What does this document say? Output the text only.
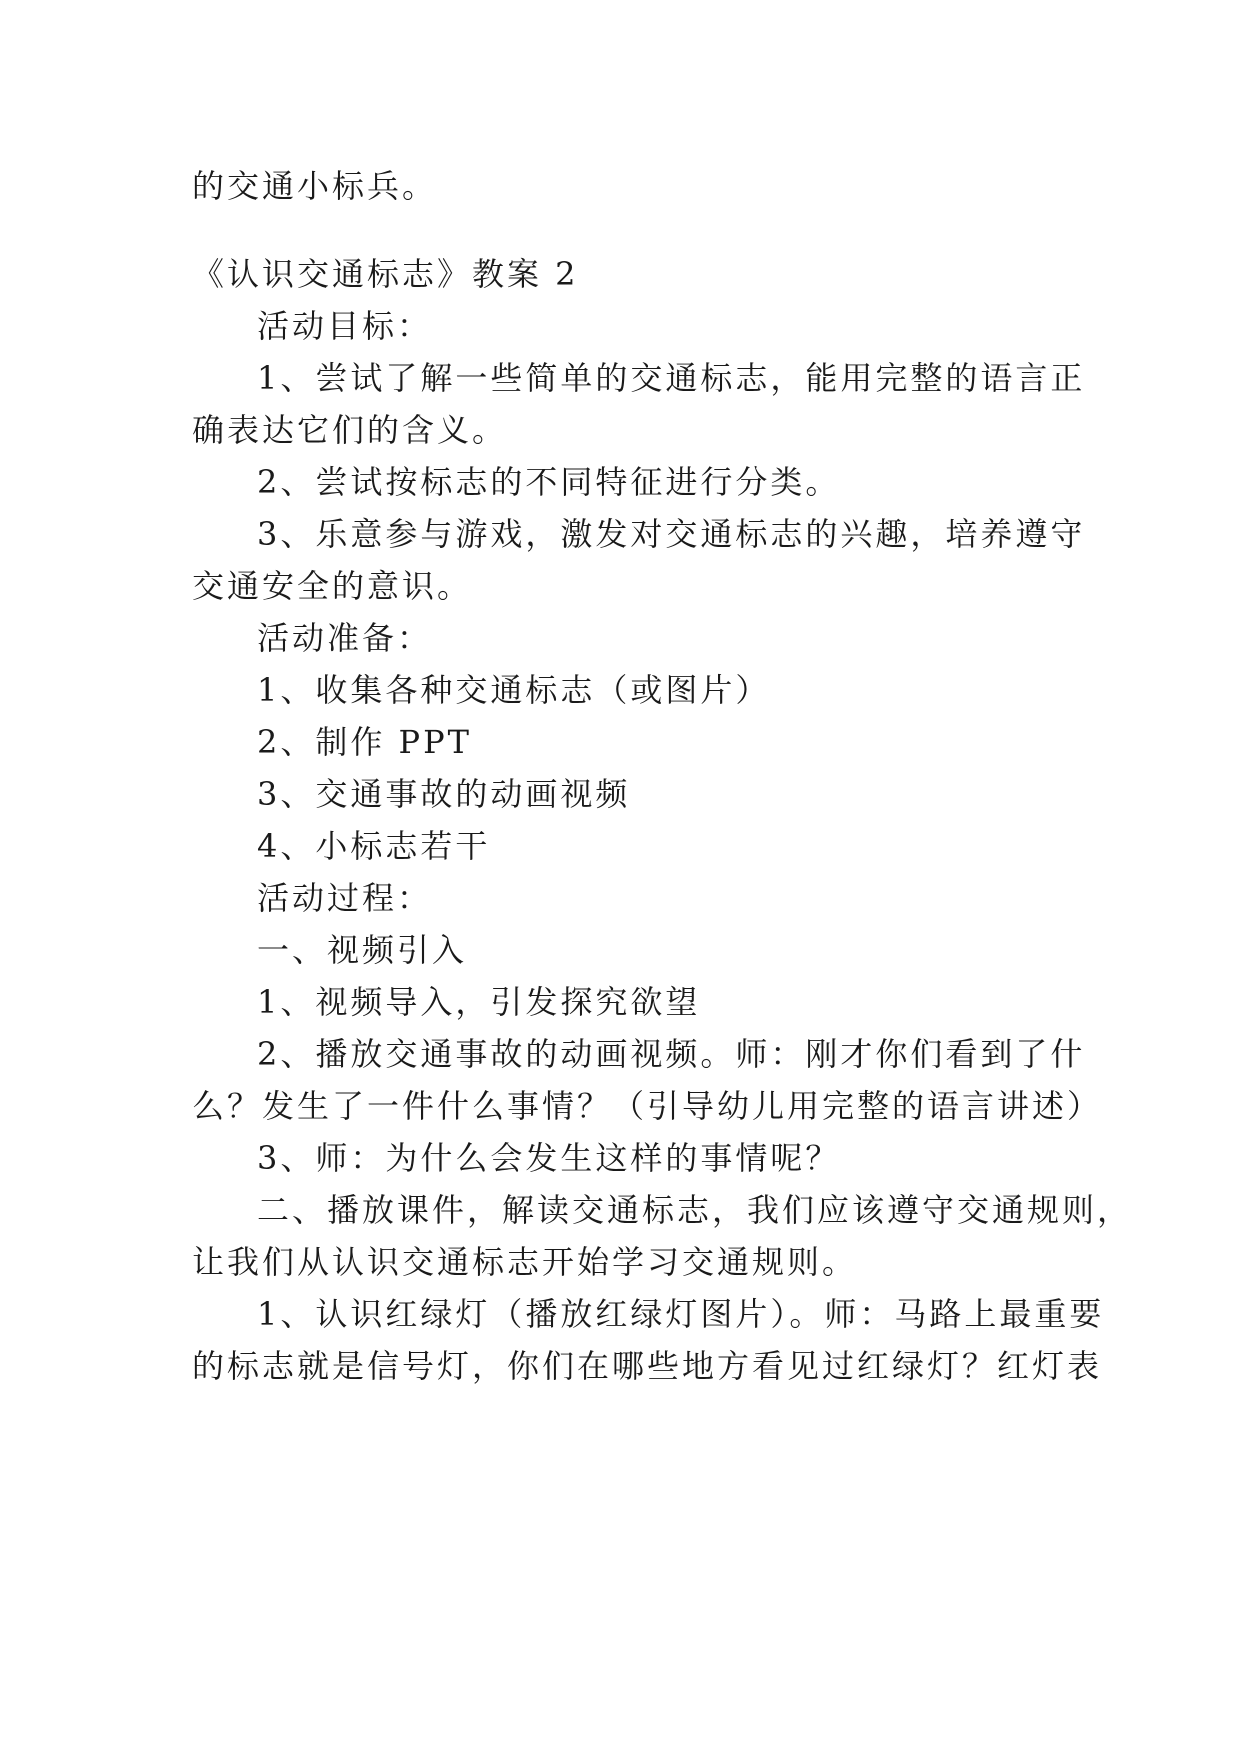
的交通小标兵。
《认识交通标志》教案 2
活动目标：
1、尝试了解一些简单的交通标志，能用完整的语言正
确表达它们的含义。
2、尝试按标志的不同特征进行分类。
3、乐意参与游戏，激发对交通标志的兴趣，培养遵守
交通安全的意识。
活动准备：
1、收集各种交通标志（或图片）
2、制作 PPT
3、交通事故的动画视频
4、小标志若干
活动过程：
一、视频引入
1、视频导入，引发探究欲望
2、播放交通事故的动画视频。师：刚才你们看到了什
么？发生了一件什么事情？（引导幼儿用完整的语言讲述）
3、师：为什么会发生这样的事情呢？
二、播放课件，解读交通标志，我们应该遵守交通规则，
让我们从认识交通标志开始学习交通规则。
1、认识红绿灯（播放红绿灯图片）。师：马路上最重要
的标志就是信号灯，你们在哪些地方看见过红绿灯？红灯表
